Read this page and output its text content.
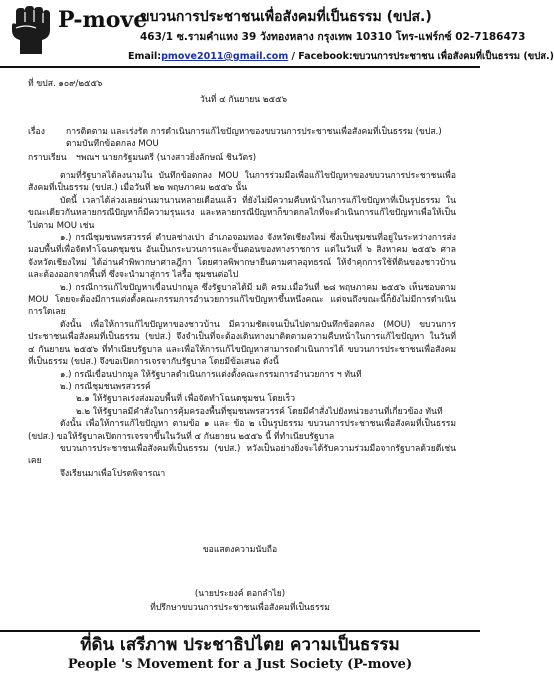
P-move
ขบวนการประชาชนเพื่อสังคมที่เป็นธรรม (ขปส.)
463/1 ซ.รามคำแหง 39 วังทองหลาง กรุงเทพ 10310 โทร-แฟร์กซ์ 02-7186473
Email:pmove2011@gmail.com / Facebook:ขบวนการประชาชน เพื่อสังคมที่เป็นธรรม (ขปส.)
ที่ ขปส. ๑๐๙/๒๕๕๖
วันที่ ๔ กันยายน ๒๕๕๖
เรื่อง การติดตาม และเร่งรัด การดำเนินการแก้ไขปัญหาของขบวนการประชาชนเพื่อสังคมที่เป็นธรรม (ขปส.)
ตามบันทึกข้อตกลง MOU
กราบเรียน ฯพณฯ นายกรัฐมนตรี (นางสาวยิ่งลักษณ์ ชินวัตร)

ตามที่รัฐบาลได้ลงนามใน บันทึกข้อตกลง MOU ในการร่วมมือเพื่อแก้ไขปัญหาของขบวนการประชาชนเพื่อสังคมที่เป็นธรรม (ขปส.) เมื่อวันที่ ๒๒ พฤษภาคม ๒๕๕๖ นั้น

บัดนี้ เวลาได้ล่วงเลยผ่านมานานหลายเดือนแล้ว ที่ยังไม่มีความคืบหน้าในการแก้ไขปัญหาที่เป็นรูปธรรม ในขณะเดียวกันหลายกรณีปัญหาก็มีความรุนแรง และหลายกรณีปัญหาก็ขาดกลไกที่จะดำเนินการแก้ไขปัญหาเพื่อให้เป็นไปตาม MOU เช่น

๑.) กรณีชุมชนพรสวรรค์ ตำบลช่างเปา อำเภอจอมทอง จังหวัดเชียงใหม่ ซึ่งเป็นชุมชนที่อยู่ในระหว่างการส่งมอบพื้นที่เพื่อจัดทำโฉนดชุมชน อันเป็นกระบวนการและขั้นตอนของทางราชการ แต่ในวันที่ ๖ สิงหาคม ๒๕๕๖ ศาลจังหวัดเชียงใหม่ ได้อ่านคำพิพากษาศาลฎีกา โดยศาลพิพากษายืนตามศาลอุทธรณ์ ให้จำคุกการใช้ที่ดินของชาวบ้าน และต้องออกจากพื้นที่ ซึ่งจะนำมาสู่การ ไล่รื้อ ชุมชนต่อไป

๒.) กรณีการแก้ไขปัญหาเขื่อนปากมูล ซึ่งรัฐบาลได้มี มติ ครม.เมื่อวันที่ ๒๘ พฤษภาคม ๒๕๕๖ เห็นชอบตาม MOU โดยจะต้องมีการแต่งตั้งคณะกรรมการอำนวยการแก้ไขปัญหาขึ้นหนึ่งคณะ แต่จนถึงขณะนี้ก็ยังไม่มีการดำเนินการใดเลย

ดังนั้น เพื่อให้การแก้ไขปัญหาของชาวบ้าน มีความชัดเจนเป็นไปตามบันทึกข้อตกลง (MOU) ขบวนการประชาชนเพื่อสังคมที่เป็นธรรม (ขปส.) จึงจำเป็นที่จะต้องเดินทางมาติดตามความคืบหน้าในการแก้ไขปัญหา ในวันที่ ๔ กันยายน ๒๕๕๖ ที่ทำเนียบรัฐบาล และเพื่อให้การแก้ไขปัญหาสามารถดำเนินการได้ ขบวนการประชาชนเพื่อสังคมที่เป็นธรรม (ขปส.) จึงขอเปิดการเจรจากับรัฐบาล โดยมีข้อเสนอ ดังนี้

๑.) กรณีเขื่อนปากมูล ให้รัฐบาลดำเนินการแต่งตั้งคณะกรรมการอำนวยการ ฯ ทันที

๒.) กรณีชุมชนพรสวรรค์

๒.๑ ให้รัฐบาลเร่งส่งมอบพื้นที่ เพื่อจัดทำโฉนดชุมชน โดยเร็ว

๒.๒ ให้รัฐบาลมีคำสั่งในการคุ้มครองพื้นที่ชุมชนพรสวรรค์ โดยมีคำสั่งไปยังหน่วยงานที่เกี่ยวข้อง ทันที

ดังนั้น เพื่อให้การแก้ไขปัญหา ตามข้อ ๑ และ ข้อ ๒ เป็นรูปธรรม ขบวนการประชาชนเพื่อสังคมที่เป็นธรรม (ขปส.) ขอให้รัฐบาลเปิดการเจรจาขึ้นในวันที่ ๔ กันยายน ๒๕๕๖ นี้ ที่ทำเนียบรัฐบาล

ขบวนการประชาชนเพื่อสังคมที่เป็นธรรม (ขปส.) หวังเป็นอย่างยิ่งจะได้รับความร่วมมือจากรัฐบาลด้วยดีเช่นเคย

จึงเรียนมาเพื่อโปรดพิจารณา

ขอแสดงความนับถือ
(นายประยงค์ ดอกลำไย)
ที่ปรึกษาขบวนการประชาชนเพื่อสังคมที่เป็นธรรม
ที่ดิน เสรีภาพ ประชาธิปไตย ความเป็นธรรม
People 's Movement for a Just Society (P-move)
